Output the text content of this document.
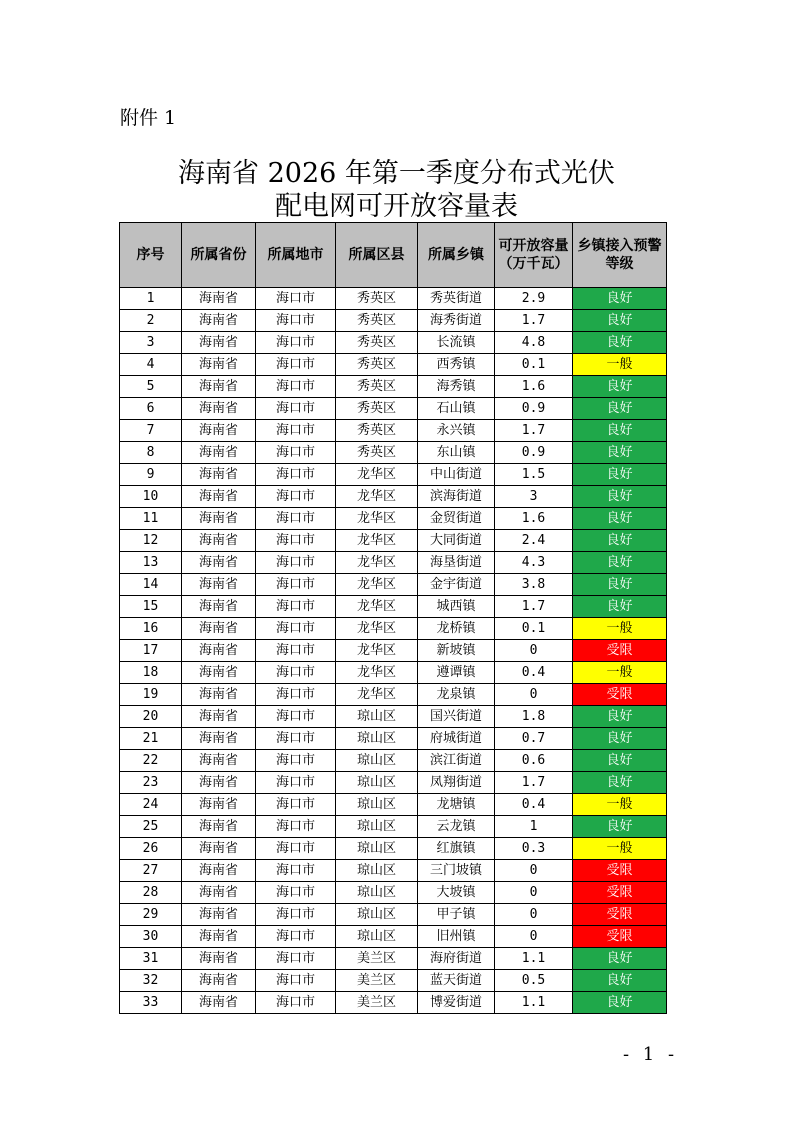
附件 1
海南省 2026 年第一季度分布式光伏
配电网可开放容量表
序号	所属省份	所属地市	所属区县	所属乡镇	可开放容量（万千瓦）	乡镇接入预警等级
1	海南省	海口市	秀英区	秀英街道	2.9	良好
2	海南省	海口市	秀英区	海秀街道	1.7	良好
3	海南省	海口市	秀英区	长流镇	4.8	良好
4	海南省	海口市	秀英区	西秀镇	0.1	一般
5	海南省	海口市	秀英区	海秀镇	1.6	良好
6	海南省	海口市	秀英区	石山镇	0.9	良好
7	海南省	海口市	秀英区	永兴镇	1.7	良好
8	海南省	海口市	秀英区	东山镇	0.9	良好
9	海南省	海口市	龙华区	中山街道	1.5	良好
10	海南省	海口市	龙华区	滨海街道	3	良好
11	海南省	海口市	龙华区	金贸街道	1.6	良好
12	海南省	海口市	龙华区	大同街道	2.4	良好
13	海南省	海口市	龙华区	海垦街道	4.3	良好
14	海南省	海口市	龙华区	金宇街道	3.8	良好
15	海南省	海口市	龙华区	城西镇	1.7	良好
16	海南省	海口市	龙华区	龙桥镇	0.1	一般
17	海南省	海口市	龙华区	新坡镇	0	受限
18	海南省	海口市	龙华区	遵谭镇	0.4	一般
19	海南省	海口市	龙华区	龙泉镇	0	受限
20	海南省	海口市	琼山区	国兴街道	1.8	良好
21	海南省	海口市	琼山区	府城街道	0.7	良好
22	海南省	海口市	琼山区	滨江街道	0.6	良好
23	海南省	海口市	琼山区	凤翔街道	1.7	良好
24	海南省	海口市	琼山区	龙塘镇	0.4	一般
25	海南省	海口市	琼山区	云龙镇	1	良好
26	海南省	海口市	琼山区	红旗镇	0.3	一般
27	海南省	海口市	琼山区	三门坡镇	0	受限
28	海南省	海口市	琼山区	大坡镇	0	受限
29	海南省	海口市	琼山区	甲子镇	0	受限
30	海南省	海口市	琼山区	旧州镇	0	受限
31	海南省	海口市	美兰区	海府街道	1.1	良好
32	海南省	海口市	美兰区	蓝天街道	0.5	良好
33	海南省	海口市	美兰区	博爱街道	1.1	良好
- 1 -
